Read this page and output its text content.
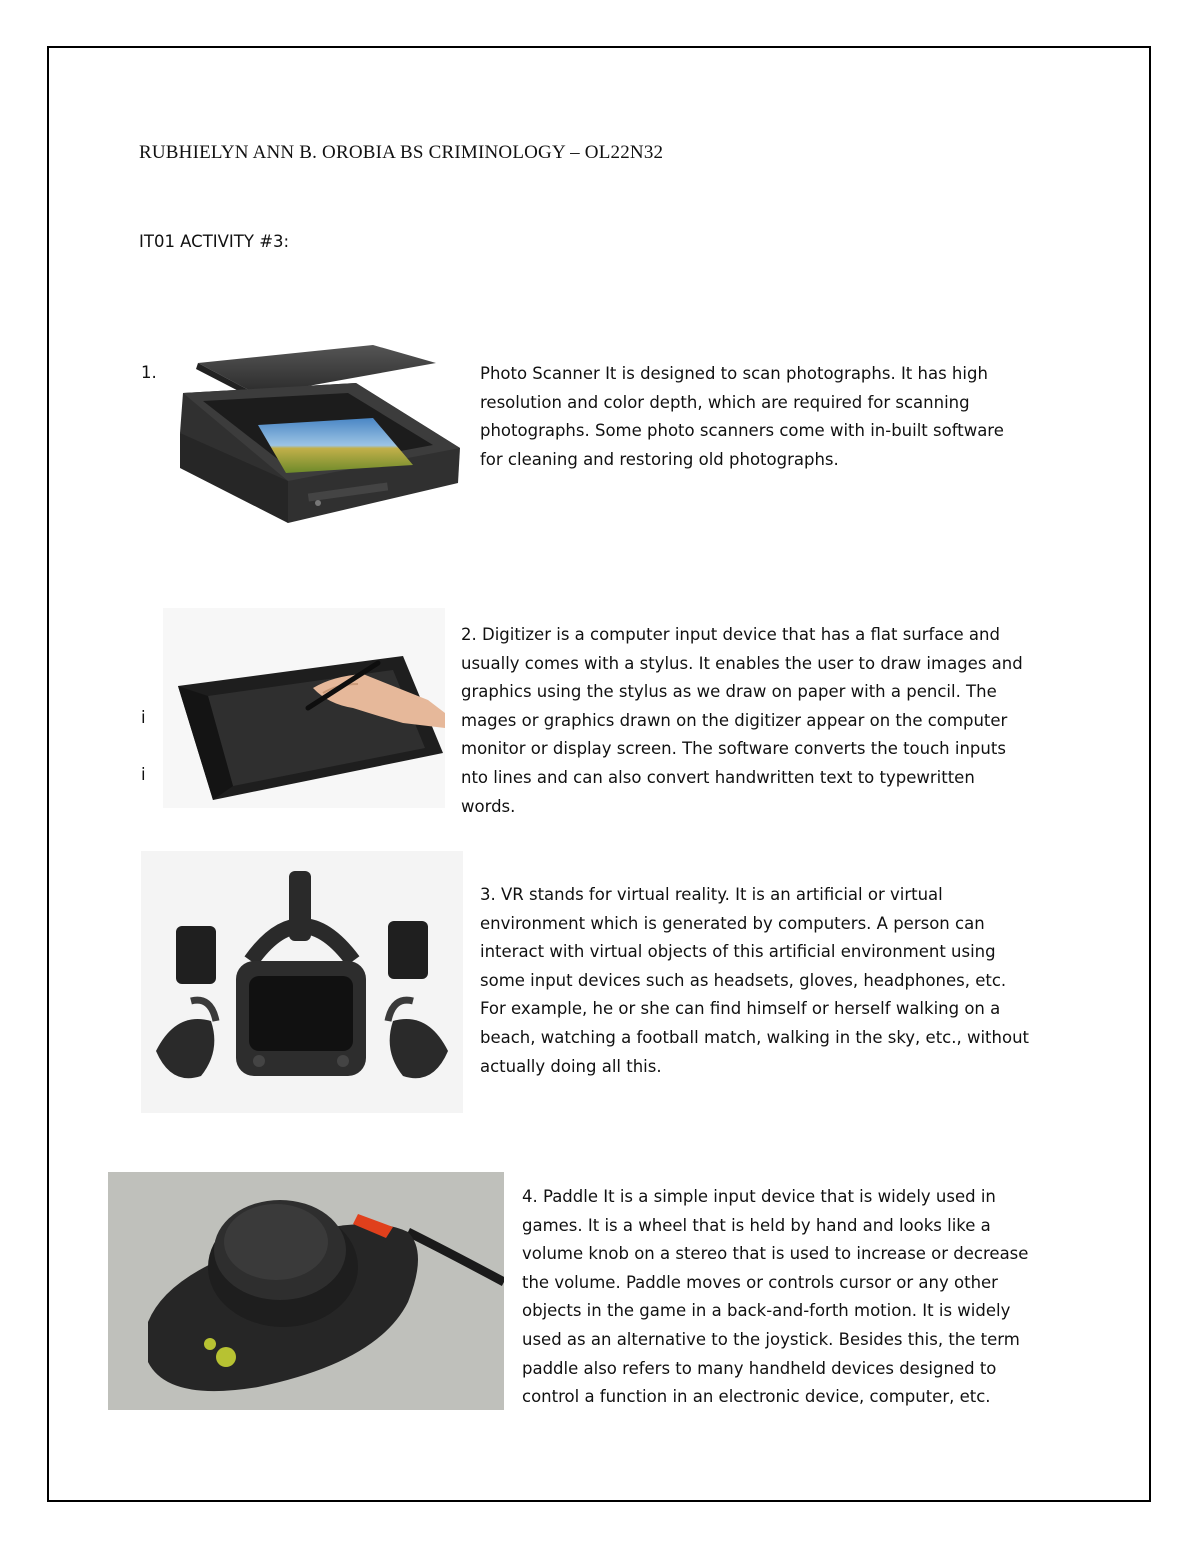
RUBHIELYN ANN B. OROBIA BS CRIMINOLOGY – OL22N32
IT01 ACTIVITY #3:
1.	Photo Scanner It is designed to scan photographs. It has high
resolution and color depth, which are required for scanning
photographs. Some photo scanners come with in-built software
for cleaning and restoring old photographs.
i
i
2. Digitizer is a computer input device that has a flat surface and
usually comes with a stylus. It enables the user to draw images and
graphics using the stylus as we draw on paper with a pencil. The
mages or graphics drawn on the digitizer appear on the computer
monitor or display screen. The software converts the touch inputs
nto lines and can also convert handwritten text to typewritten
words.
3. VR stands for virtual reality. It is an artificial or virtual
environment which is generated by computers. A person can
interact with virtual objects of this artificial environment using
some input devices such as headsets, gloves, headphones, etc.
For example, he or she can find himself or herself walking on a
beach, watching a football match, walking in the sky, etc., without
actually doing all this.
4. Paddle It is a simple input device that is widely used in
games. It is a wheel that is held by hand and looks like a
volume knob on a stereo that is used to increase or decrease
the volume. Paddle moves or controls cursor or any other
objects in the game in a back-and-forth motion. It is widely
used as an alternative to the joystick. Besides this, the term
paddle also refers to many handheld devices designed to
control a function in an electronic device, computer, etc.
